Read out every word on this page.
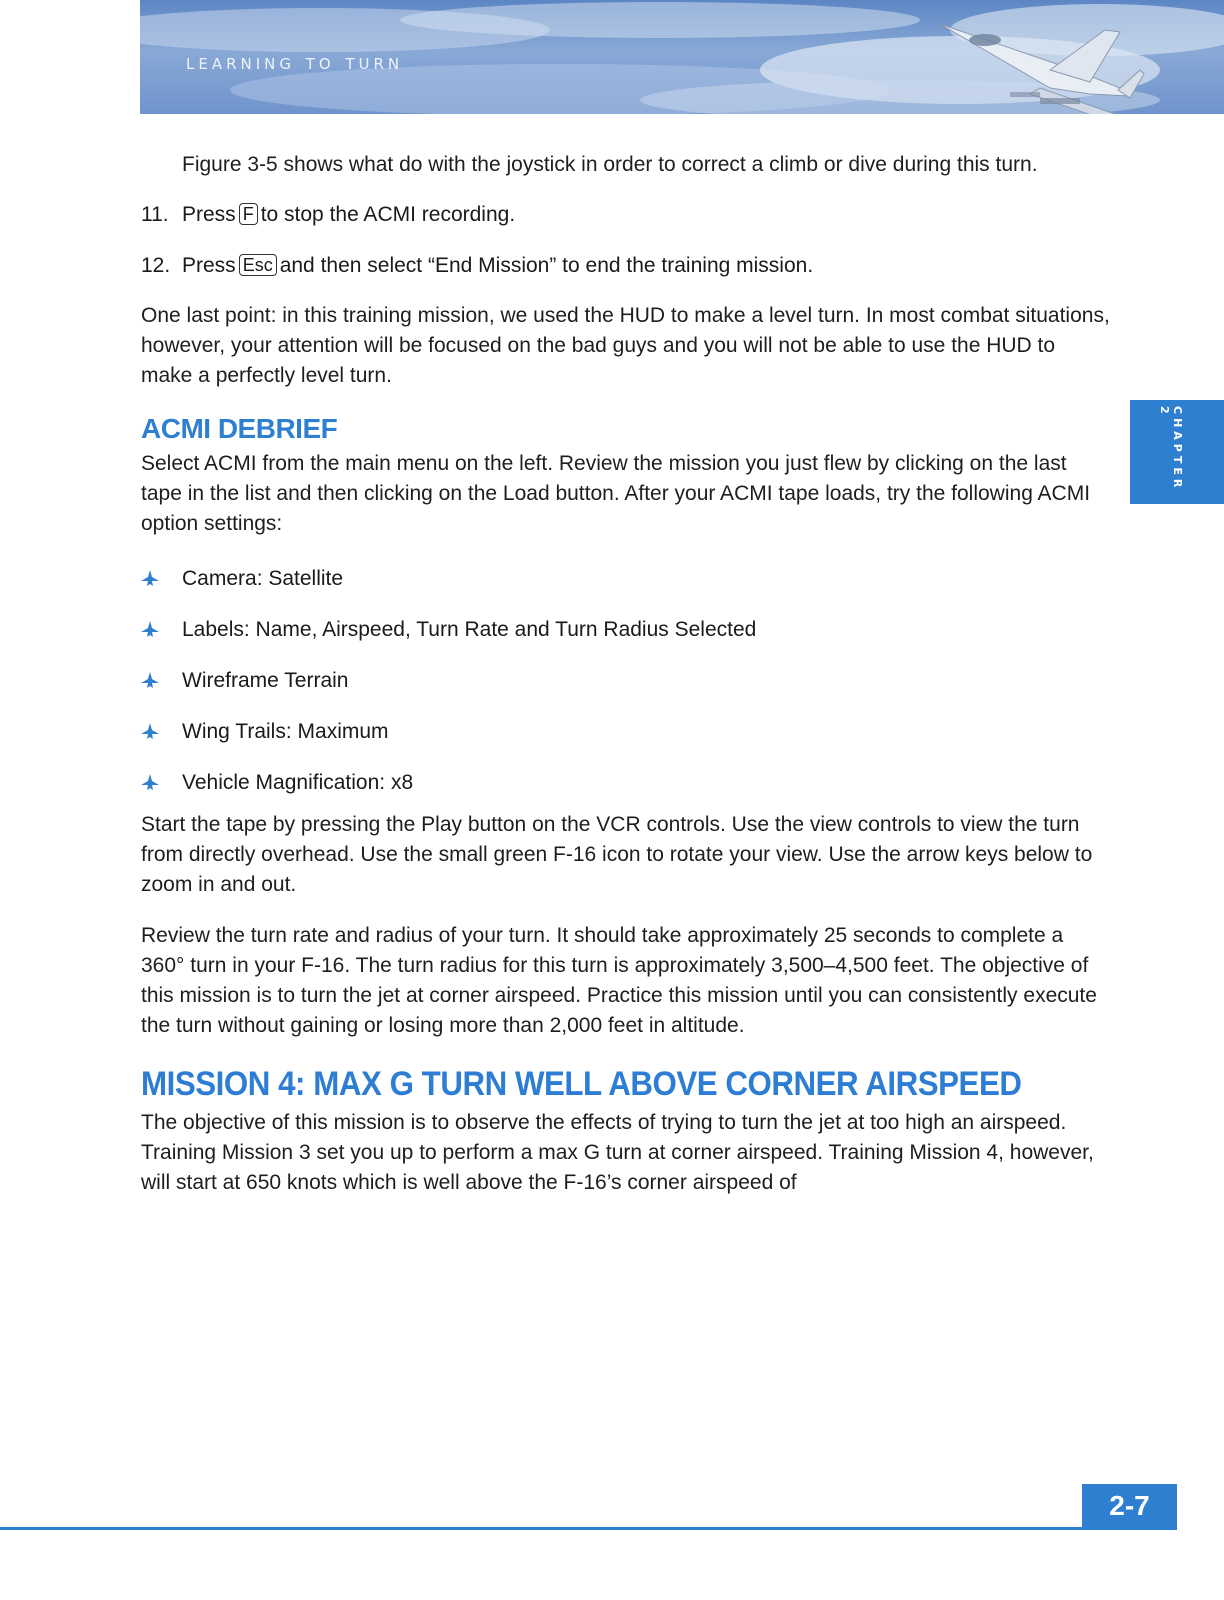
learning to turn
CHAPTER 2

Figure 3-5 shows what do with the joystick in order to correct a climb or dive during this turn.

11. Press F to stop the ACMI recording.
12. Press Esc and then select “End Mission” to end the training mission.

One last point: in this training mission, we used the HUD to make a level turn. In most combat situations, however, your attention will be focused on the bad guys and you will not be able to use the HUD to make a perfectly level turn.

ACMI DEBRIEF

Select ACMI from the main menu on the left. Review the mission you just flew by clicking on the last tape in the list and then clicking on the Load button. After your ACMI tape loads, try the following ACMI option settings:

Camera: Satellite
Labels: Name, Airspeed, Turn Rate and Turn Radius Selected
Wireframe Terrain
Wing Trails: Maximum
Vehicle Magnification: x8

Start the tape by pressing the Play button on the VCR controls. Use the view controls to view the turn from directly overhead. Use the small green F-16 icon to rotate your view. Use the arrow keys below to zoom in and out.

Review the turn rate and radius of your turn. It should take approximately 25 seconds to complete a 360° turn in your F-16. The turn radius for this turn is approximately 3,500–4,500 feet. The objective of this mission is to turn the jet at corner airspeed. Practice this mission until you can consistently execute the turn without gaining or losing more than 2,000 feet in altitude.

MISSION 4: MAX G TURN WELL ABOVE CORNER AIRSPEED

The objective of this mission is to observe the effects of trying to turn the jet at too high an airspeed. Training Mission 3 set you up to perform a max G turn at corner airspeed. Training Mission 4, however, will start at 650 knots which is well above the F-16’s corner airspeed of

2-7
